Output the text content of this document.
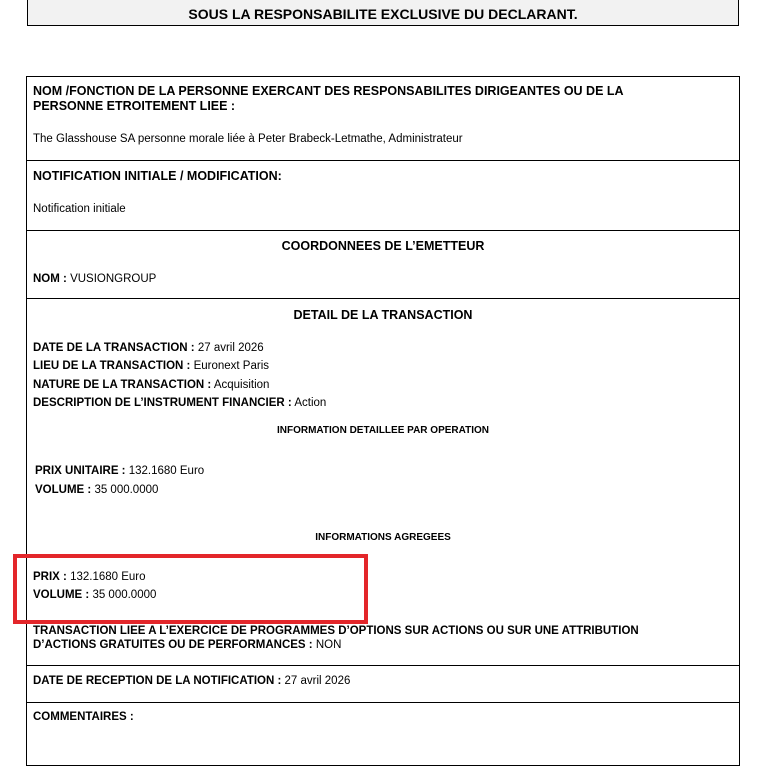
SOUS LA RESPONSABILITE EXCLUSIVE DU DECLARANT.
NOM /FONCTION DE LA PERSONNE EXERCANT DES RESPONSABILITES DIRIGEANTES OU DE LA
PERSONNE ETROITEMENT LIEE :
The Glasshouse SA personne morale liée à Peter Brabeck-Letmathe, Administrateur
NOTIFICATION INITIALE / MODIFICATION:
Notification initiale
COORDONNEES DE L’EMETTEUR
NOM : VUSIONGROUP
DETAIL DE LA TRANSACTION
DATE DE LA TRANSACTION : 27 avril 2026
LIEU DE LA TRANSACTION : Euronext Paris
NATURE DE LA TRANSACTION : Acquisition
DESCRIPTION DE L’INSTRUMENT FINANCIER : Action
INFORMATION DETAILLEE PAR OPERATION
PRIX UNITAIRE : 132.1680 Euro
VOLUME : 35 000.0000
INFORMATIONS AGREGEES
PRIX : 132.1680 Euro
VOLUME : 35 000.0000
TRANSACTION LIEE A L’EXERCICE DE PROGRAMMES D’OPTIONS SUR ACTIONS OU SUR UNE ATTRIBUTION
D’ACTIONS GRATUITES OU DE PERFORMANCES : NON
DATE DE RECEPTION DE LA NOTIFICATION : 27 avril 2026
COMMENTAIRES :
